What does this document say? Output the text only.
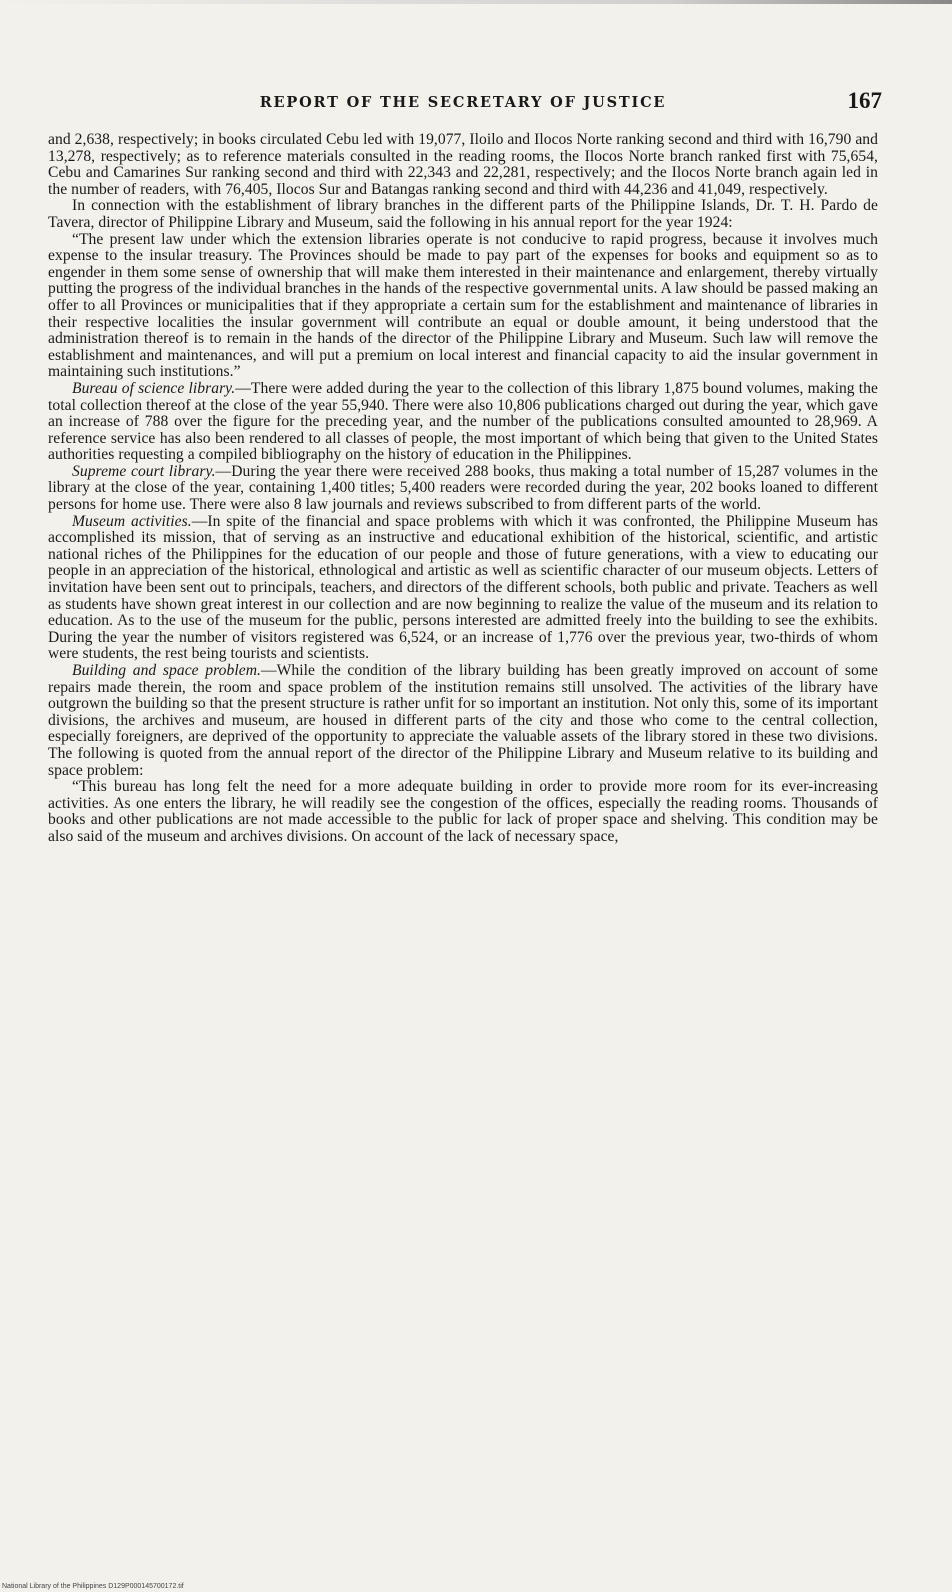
REPORT OF THE SECRETARY OF JUSTICE	167

and 2,638, respectively; in books circulated Cebu led with 19,077, Iloilo and Ilocos Norte ranking second and third with 16,790 and 13,278, respectively; as to reference materials consulted in the reading rooms, the Ilocos Norte branch ranked first with 75,654, Cebu and Camarines Sur ranking second and third with 22,343 and 22,281, respectively; and the Ilocos Norte branch again led in the number of readers, with 76,405, Ilocos Sur and Batangas ranking second and third with 44,236 and 41,049, respectively.

In connection with the establishment of library branches in the different parts of the Philippine Islands, Dr. T. H. Pardo de Tavera, director of Philippine Library and Museum, said the following in his annual report for the year 1924:

“The present law under which the extension libraries operate is not conducive to rapid progress, because it involves much expense to the insular treasury. The Provinces should be made to pay part of the expenses for books and equipment so as to engender in them some sense of ownership that will make them interested in their maintenance and enlargement, thereby virtually putting the progress of the individual branches in the hands of the respective governmental units. A law should be passed making an offer to all Provinces or municipalities that if they appropriate a certain sum for the establishment and maintenance of libraries in their respective localities the insular government will contribute an equal or double amount, it being understood that the administration thereof is to remain in the hands of the director of the Philippine Library and Museum. Such law will remove the establishment and maintenances, and will put a premium on local interest and financial capacity to aid the insular government in maintaining such institutions.”

Bureau of science library.—There were added during the year to the collection of this library 1,875 bound volumes, making the total collection thereof at the close of the year 55,940. There were also 10,806 publications charged out during the year, which gave an increase of 788 over the figure for the preceding year, and the number of the publications consulted amounted to 28,969. A reference service has also been rendered to all classes of people, the most important of which being that given to the United States authorities requesting a compiled bibliography on the history of education in the Philippines.

Supreme court library.—During the year there were received 288 books, thus making a total number of 15,287 volumes in the library at the close of the year, containing 1,400 titles; 5,400 readers were recorded during the year, 202 books loaned to different persons for home use. There were also 8 law journals and reviews subscribed to from different parts of the world.

Museum activities.—In spite of the financial and space problems with which it was confronted, the Philippine Museum has accomplished its mission, that of serving as an instructive and educational exhibition of the historical, scientific, and artistic national riches of the Philippines for the education of our people and those of future generations, with a view to educating our people in an appreciation of the historical, ethnological and artistic as well as scientific character of our museum objects. Letters of invitation have been sent out to principals, teachers, and directors of the different schools, both public and private. Teachers as well as students have shown great interest in our collection and are now beginning to realize the value of the museum and its relation to education. As to the use of the museum for the public, persons interested are admitted freely into the building to see the exhibits. During the year the number of visitors registered was 6,524, or an increase of 1,776 over the previous year, two-thirds of whom were students, the rest being tourists and scientists.

Building and space problem.—While the condition of the library building has been greatly improved on account of some repairs made therein, the room and space problem of the institution remains still unsolved. The activities of the library have outgrown the building so that the present structure is rather unfit for so important an institution. Not only this, some of its important divisions, the archives and museum, are housed in different parts of the city and those who come to the central collection, especially foreigners, are deprived of the opportunity to appreciate the valuable assets of the library stored in these two divisions. The following is quoted from the annual report of the director of the Philippine Library and Museum relative to its building and space problem:

“This bureau has long felt the need for a more adequate building in order to provide more room for its ever-increasing activities. As one enters the library, he will readily see the congestion of the offices, especially the reading rooms. Thousands of books and other publications are not made accessible to the public for lack of proper space and shelving. This condition may be also said of the museum and archives divisions. On account of the lack of necessary space,

National Library of the Philippines D129P000145700172.tif
